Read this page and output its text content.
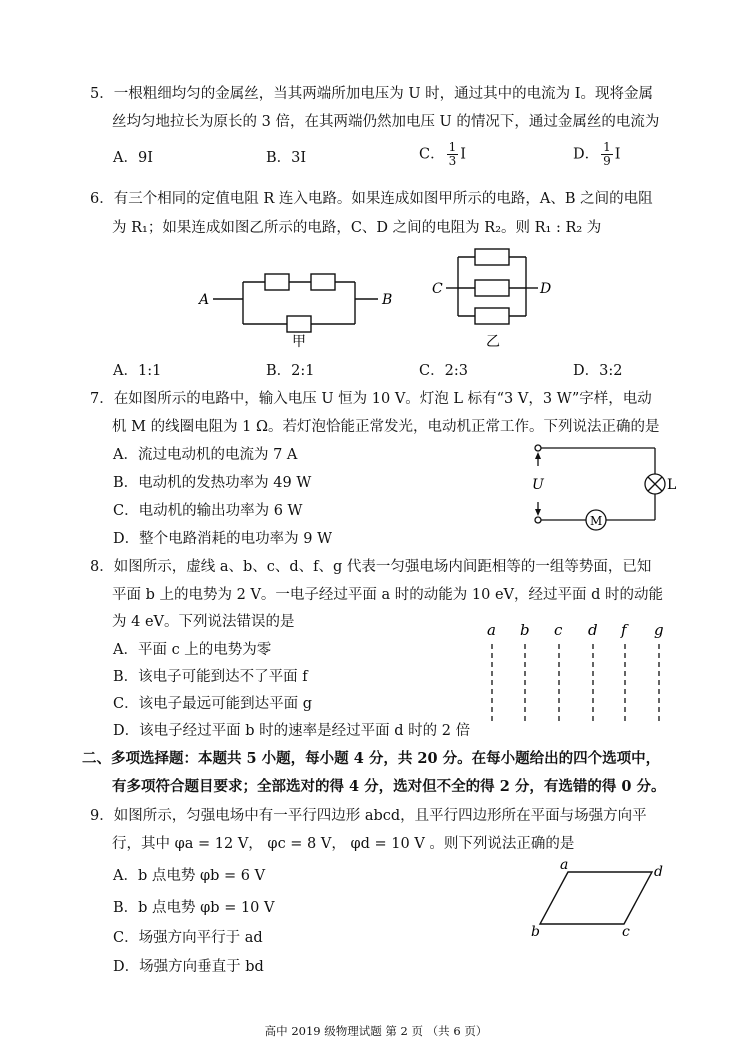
5．一根粗细均匀的金属丝，当其两端所加电压为 U 时，通过其中的电流为 I。现将金属
丝均匀地拉长为原长的 3 倍，在其两端仍然加电压 U 的情况下，通过金属丝的电流为
A．9I	B．3I	C． $\frac{1}{3}$ I	D． $\frac{1}{9}$ I
6．有三个相同的定值电阻 R 连入电路。如果连成如图甲所示的电路，A、B 之间的电阻
为 R₁；如果连成如图乙所示的电路，C、D 之间的电阻为 R₂。则 R₁ : R₂ 为
A	B
甲
C	D
乙
A．1:1	B．2:1	C．2:3	D．3:2
7．在如图所示的电路中，输入电压 U 恒为 10 V。灯泡 L 标有“3 V，3 W”字样，电动
机 M 的线圈电阻为 1 Ω。若灯泡恰能正常发光，电动机正常工作。下列说法正确的是
A．流过电动机的电流为 7 A
B．电动机的发热功率为 49 W
C．电动机的输出功率为 6 W
D．整个电路消耗的电功率为 9 W
U	L
M
8．如图所示，虚线 a、b、c、d、f、g 代表一匀强电场内间距相等的一组等势面，已知
平面 b 上的电势为 2 V。一电子经过平面 a 时的动能为 10 eV，经过平面 d 时的动能
为 4 eV。下列说法错误的是
A．平面 c 上的电势为零
B．该电子可能到达不了平面 f
C．该电子最远可能到达平面 g
D．该电子经过平面 b 时的速率是经过平面 d 时的 2 倍
a b c d f g
二、多项选择题：本题共 5 小题，每小题 4 分，共 20 分。在每小题给出的四个选项中，
有多项符合题目要求；全部选对的得 4 分，选对但不全的得 2 分，有选错的得 0 分。
9．如图所示，匀强电场中有一平行四边形 abcd，且平行四边形所在平面与场强方向平
行，其中 φa = 12 V， φc = 8 V， φd = 10 V 。则下列说法正确的是
A．b 点电势 φb = 6 V
B．b 点电势 φb = 10 V
C．场强方向平行于 ad
D．场强方向垂直于 bd
a	d
b	c
高中 2019 级物理试题 第 2 页 （共 6 页）
